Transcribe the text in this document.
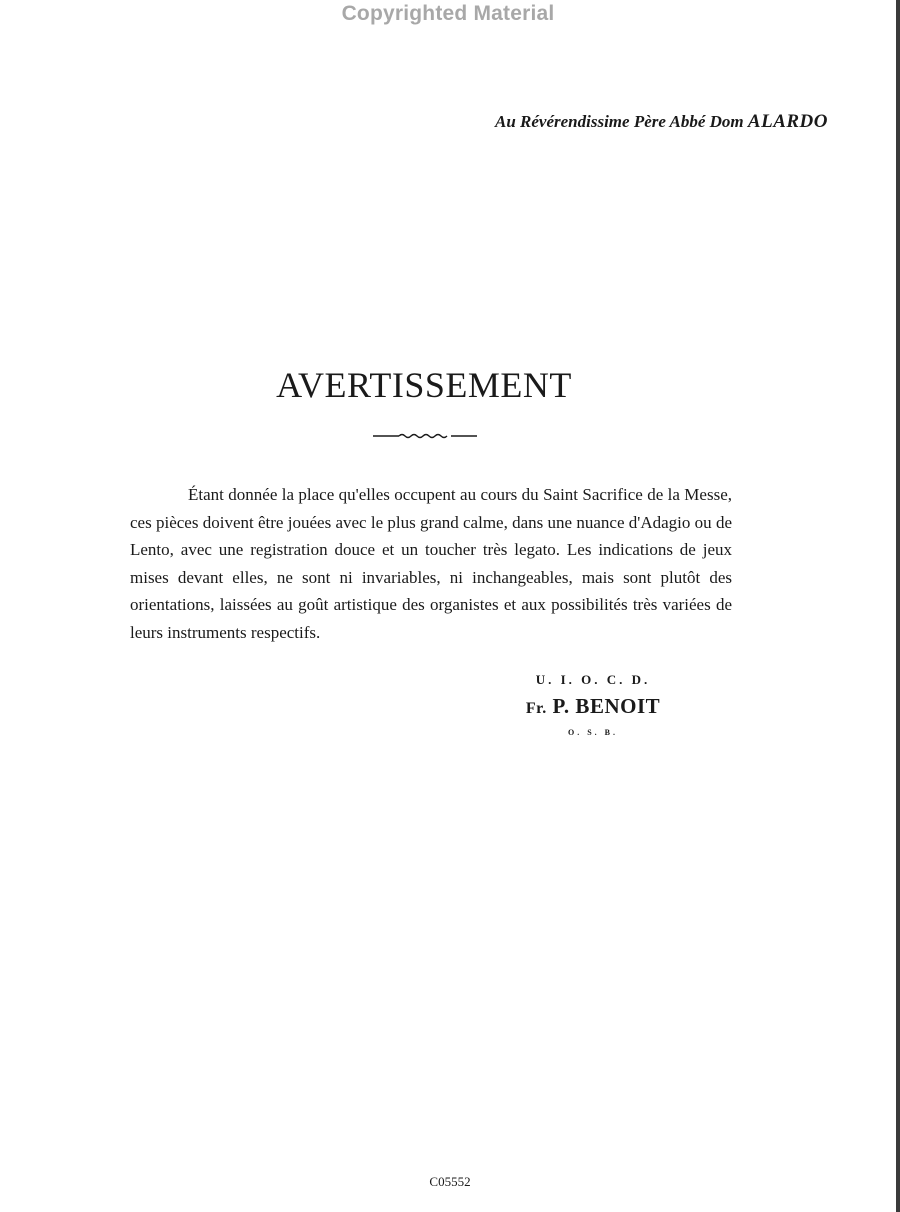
Copyrighted Material
Au Révérendissime Père Abbé Dom ALARDO
AVERTISSEMENT

Étant donnée la place qu'elles occupent au cours du Saint Sacrifice de la Messe, ces pièces doivent être jouées avec le plus grand calme, dans une nuance d'Adagio ou de Lento, avec une registration douce et un toucher très legato. Les indications de jeux mises devant elles, ne sont ni invariables, ni inchangeables, mais sont plutôt des orientations, laissées au goût artistique des organistes et aux possibilités très variées de leurs instruments respectifs.

U. I. O. C. D.
Fr. P. BENOIT
O. S. B.
C05552
